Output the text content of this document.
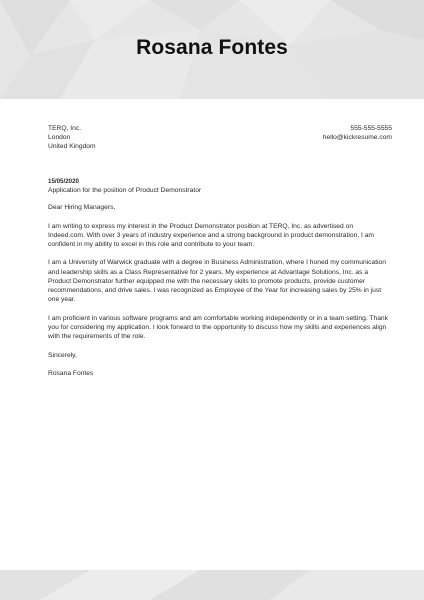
Rosana Fontes
TERQ, Inc.
London
United Kingdom
555-555-5555
hello@kickresume.com
15/05/2020
Application for the position of Product Demonstrator

Dear Hiring Managers,

I am writing to express my interest in the Product Demonstrator position at TERQ, Inc. as advertised on Indeed.com. With over 3 years of industry experience and a strong background in product demonstration, I am confident in my ability to excel in this role and contribute to your team.

I am a University of Warwick graduate with a degree in Business Administration, where I honed my communication and leadership skills as a Class Representative for 2 years. My experience at Advantage Solutions, Inc. as a Product Demonstrator further equipped me with the necessary skills to promote products, provide customer recommendations, and drive sales. I was recognized as Employee of the Year for increasing sales by 25% in just one year.

I am proficient in various software programs and am comfortable working independently or in a team setting. Thank you for considering my application. I look forward to the opportunity to discuss how my skills and experiences align with the requirements of the role.

Sincerely,

Rosana Fontes
